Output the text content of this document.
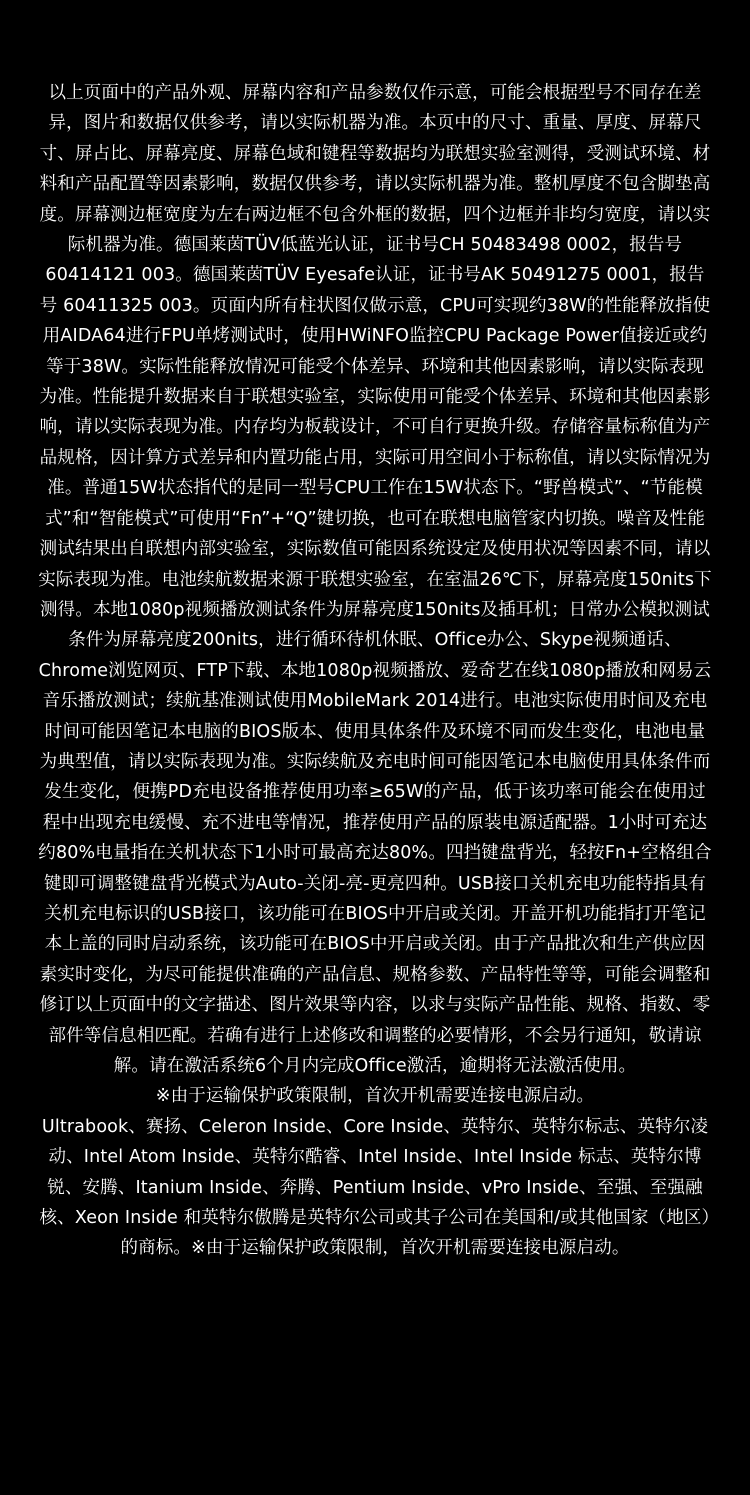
以上页面中的产品外观、屏幕内容和产品参数仅作示意，可能会根据型号不同存在差异，图片和数据仅供参考，请以实际机器为准。本页中的尺寸、重量、厚度、屏幕尺寸、屏占比、屏幕亮度、屏幕色域和键程等数据均为联想实验室测得，受测试环境、材料和产品配置等因素影响，数据仅供参考，请以实际机器为准。整机厚度不包含脚垫高度。屏幕测边框宽度为左右两边框不包含外框的数据，四个边框并非均匀宽度，请以实际机器为准。德国莱茵TÜV低蓝光认证，证书号CH 50483498 0002，报告号60414121 003。德国莱茵TÜV Eyesafe认证，证书号AK 50491275 0001，报告号 60411325 003。页面内所有柱状图仅做示意，CPU可实现约38W的性能释放指使用AIDA64进行FPU单烤测试时，使用HWiNFO监控CPU Package Power值接近或约等于38W。实际性能释放情况可能受个体差异、环境和其他因素影响，请以实际表现为准。性能提升数据来自于联想实验室，实际使用可能受个体差异、环境和其他因素影响，请以实际表现为准。内存均为板载设计，不可自行更换升级。存储容量标称值为产品规格，因计算方式差异和内置功能占用，实际可用空间小于标称值，请以实际情况为准。普通15W状态指代的是同一型号CPU工作在15W状态下。“野兽模式”、“节能模式”和“智能模式”可使用“Fn”+“Q”键切换，也可在联想电脑管家内切换。噪音及性能测试结果出自联想内部实验室，实际数值可能因系统设定及使用状况等因素不同，请以实际表现为准。电池续航数据来源于联想实验室，在室温26℃下，屏幕亮度150nits下测得。本地1080p视频播放测试条件为屏幕亮度150nits及插耳机；日常办公模拟测试条件为屏幕亮度200nits，进行循环待机休眠、Office办公、Skype视频通话、Chrome浏览网页、FTP下载、本地1080p视频播放、爱奇艺在线1080p播放和网易云音乐播放测试；续航基准测试使用MobileMark 2014进行。电池实际使用时间及充电时间可能因笔记本电脑的BIOS版本、使用具体条件及环境不同而发生变化，电池电量为典型值，请以实际表现为准。实际续航及充电时间可能因笔记本电脑使用具体条件而发生变化，便携PD充电设备推荐使用功率≥65W的产品，低于该功率可能会在使用过程中出现充电缓慢、充不进电等情况，推荐使用产品的原装电源适配器。1小时可充达约80%电量指在关机状态下1小时可最高充达80%。四挡键盘背光，轻按Fn+空格组合键即可调整键盘背光模式为Auto-关闭-亮-更亮四种。USB接口关机充电功能特指具有关机充电标识的USB接口，该功能可在BIOS中开启或关闭。开盖开机功能指打开笔记本上盖的同时启动系统，该功能可在BIOS中开启或关闭。由于产品批次和生产供应因素实时变化，为尽可能提供准确的产品信息、规格参数、产品特性等等，可能会调整和修订以上页面中的文字描述、图片效果等内容，以求与实际产品性能、规格、指数、零部件等信息相匹配。若确有进行上述修改和调整的必要情形，不会另行通知，敬请谅解。请在激活系统6个月内完成Office激活，逾期将无法激活使用。

※由于运输保护政策限制，首次开机需要连接电源启动。

Ultrabook、赛扬、Celeron Inside、Core Inside、英特尔、英特尔标志、英特尔凌动、Intel Atom Inside、英特尔酷睿、Intel Inside、Intel Inside 标志、英特尔博锐、安腾、Itanium Inside、奔腾、Pentium Inside、vPro Inside、至强、至强融核、Xeon Inside 和英特尔傲腾是英特尔公司或其子公司在美国和/或其他国家（地区）的商标。※由于运输保护政策限制，首次开机需要连接电源启动。
